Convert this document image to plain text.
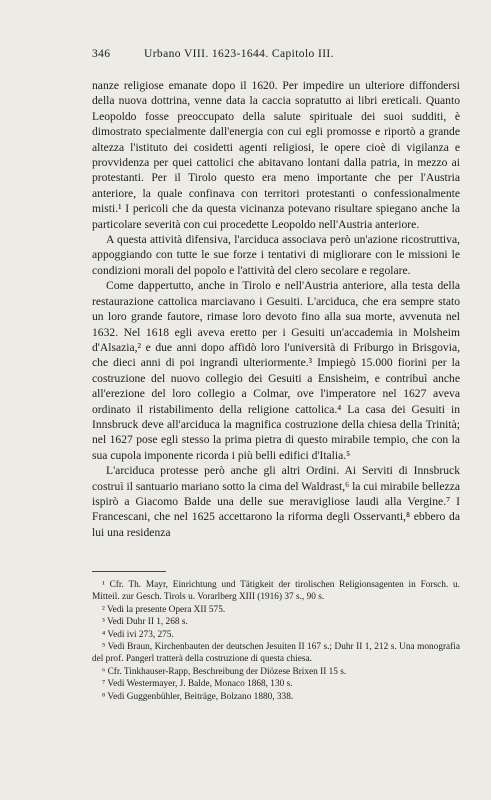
346	Urbano VIII. 1623-1644. Capitolo III.

nanze religiose emanate dopo il 1620. Per impedire un ulteriore diffondersi della nuova dottrina, venne data la caccia sopratutto ai libri ereticali. Quanto Leopoldo fosse preoccupato della salute spirituale dei suoi sudditi, è dimostrato specialmente dall'energia con cui egli promosse e riportò a grande altezza l'istituto dei cosidetti agenti religiosi, le opere cioè di vigilanza e provvidenza per quei cattolici che abitavano lontani dalla patria, in mezzo ai protestanti. Per il Tirolo questo era meno importante che per l'Austria anteriore, la quale confinava con territori protestanti o confessionalmente misti.¹ I pericoli che da questa vicinanza potevano risultare spiegano anche la particolare severità con cui procedette Leopoldo nell'Austria anteriore.

A questa attività difensiva, l'arciduca associava però un'azione ricostruttiva, appoggiando con tutte le sue forze i tentativi di migliorare con le missioni le condizioni morali del popolo e l'attività del clero secolare e regolare.

Come dappertutto, anche in Tirolo e nell'Austria anteriore, alla testa della restaurazione cattolica marciavano i Gesuiti. L'arciduca, che era sempre stato un loro grande fautore, rimase loro devoto fino alla sua morte, avvenuta nel 1632. Nel 1618 egli aveva eretto per i Gesuiti un'accademia in Molsheim d'Alsazia,² e due anni dopo affidò loro l'università di Friburgo in Brisgovia, che dieci anni di poi ingrandì ulteriormente.³ Impiegò 15.000 fiorini per la costruzione del nuovo collegio dei Gesuiti a Ensisheim, e contribuì anche all'erezione del loro collegio a Colmar, ove l'imperatore nel 1627 aveva ordinato il ristabilimento della religione cattolica.⁴ La casa dei Gesuiti in Innsbruck deve all'arciduca la magnifica costruzione della chiesa della Trinità; nel 1627 pose egli stesso la prima pietra di questo mirabile tempio, che con la sua cupola imponente ricorda i più belli edifici d'Italia.⁵

L'arciduca protesse però anche gli altri Ordini. Ai Serviti di Innsbruck costruì il santuario mariano sotto la cima del Waldrast,⁶ la cui mirabile bellezza ispirò a Giacomo Balde una delle sue meravigliose laudi alla Vergine.⁷ I Francescani, che nel 1625 accettarono la riforma degli Osservanti,⁸ ebbero da lui una residenza

¹ Cfr. Th. Mayr, Einrichtung und Tätigkeit der tirolischen Religionsagenten in Forsch. u. Mitteil. zur Gesch. Tirols u. Vorarlberg XIII (1916) 37 s., 90 s.
² Vedi la presente Opera XII 575.
³ Vedi Duhr II 1, 268 s.
⁴ Vedi ivi 273, 275.
⁵ Vedi Braun, Kirchenbauten der deutschen Jesuiten II 167 s.; Duhr II 1, 212 s. Una monografia del prof. Pangerl tratterà della costruzione di questa chiesa.
⁶ Cfr. Tinkhauser-Rapp, Beschreibung der Diözese Brixen II 15 s.
⁷ Vedi Westermayer, J. Balde, Monaco 1868, 130 s.
⁸ Vedi Guggenbühler, Beiträge, Bolzano 1880, 338.
